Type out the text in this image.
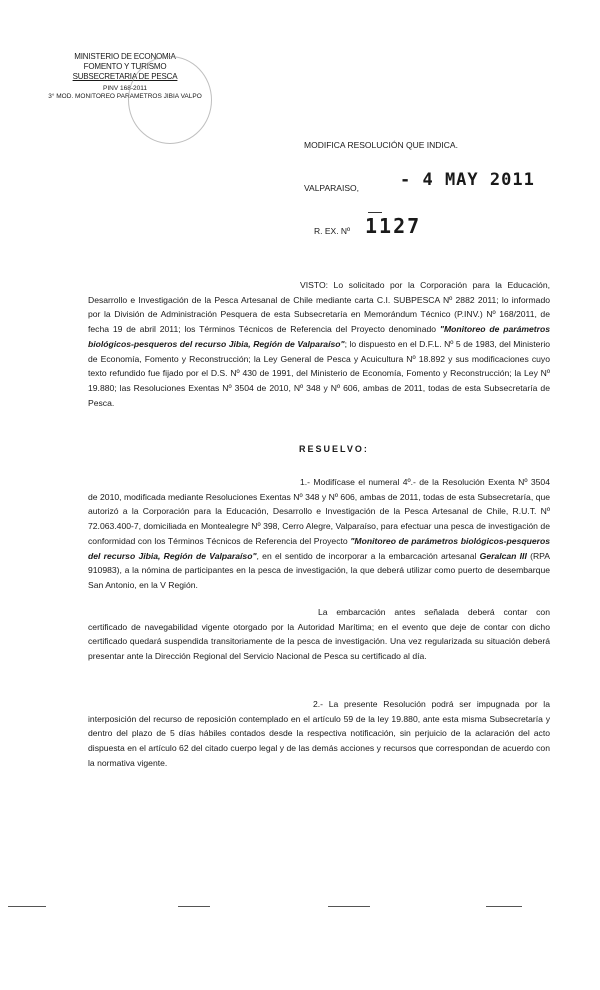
MINISTERIO DE ECONOMIA
FOMENTO Y TURISMO
SUBSECRETARIA DE PESCA
PINV 168-2011
3° MOD. MONITOREO PARAMETROS JIBIA VALPO
MODIFICA RESOLUCIÓN QUE INDICA.
VALPARAISO, - 4 MAY 2011
R. EX. Nº 1127
VISTO: Lo solicitado por la Corporación para la Educación, Desarrollo e Investigación de la Pesca Artesanal de Chile mediante carta C.I. SUBPESCA Nº 2882 2011; lo informado por la División de Administración Pesquera de esta Subsecretaría en Memorándum Técnico (P.INV.) Nº 168/2011, de fecha 19 de abril 2011; los Términos Técnicos de Referencia del Proyecto denominado "Monitoreo de parámetros biológicos-pesqueros del recurso Jibia, Región de Valparaíso"; lo dispuesto en el D.F.L. Nº 5 de 1983, del Ministerio de Economía, Fomento y Reconstrucción; la Ley General de Pesca y Acuicultura Nº 18.892 y sus modificaciones cuyo texto refundido fue fijado por el D.S. Nº 430 de 1991, del Ministerio de Economía, Fomento y Reconstrucción; la Ley Nº 19.880; las Resoluciones Exentas Nº 3504 de 2010, Nº 348 y Nº 606, ambas de 2011, todas de esta Subsecretaría de Pesca.
RESUELVO:
1.- Modifícase el numeral 4º.- de la Resolución Exenta Nº 3504 de 2010, modificada mediante Resoluciones Exentas Nº 348 y Nº 606, ambas de 2011, todas de esta Subsecretaría, que autorizó a la Corporación para la Educación, Desarrollo e Investigación de la Pesca Artesanal de Chile, R.U.T. Nº 72.063.400-7, domiciliada en Montealegre Nº 398, Cerro Alegre, Valparaíso, para efectuar una pesca de investigación de conformidad con los Términos Técnicos de Referencia del Proyecto "Monitoreo de parámetros biológicos-pesqueros del recurso Jibia, Región de Valparaíso", en el sentido de incorporar a la embarcación artesanal Geralcan III (RPA 910983), a la nómina de participantes en la pesca de investigación, la que deberá utilizar como puerto de desembarque San Antonio, en la V Región.
La embarcación antes señalada deberá contar con certificado de navegabilidad vigente otorgado por la Autoridad Marítima; en el evento que deje de contar con dicho certificado quedará suspendida transitoriamente de la pesca de investigación. Una vez regularizada su situación deberá presentar ante la Dirección Regional del Servicio Nacional de Pesca su certificado al día.
2.- La presente Resolución podrá ser impugnada por la interposición del recurso de reposición contemplado en el artículo 59 de la ley 19.880, ante esta misma Subsecretaría y dentro del plazo de 5 días hábiles contados desde la respectiva notificación, sin perjuicio de la aclaración del acto dispuesta en el artículo 62 del citado cuerpo legal y de las demás acciones y recursos que correspondan de acuerdo con la normativa vigente.
